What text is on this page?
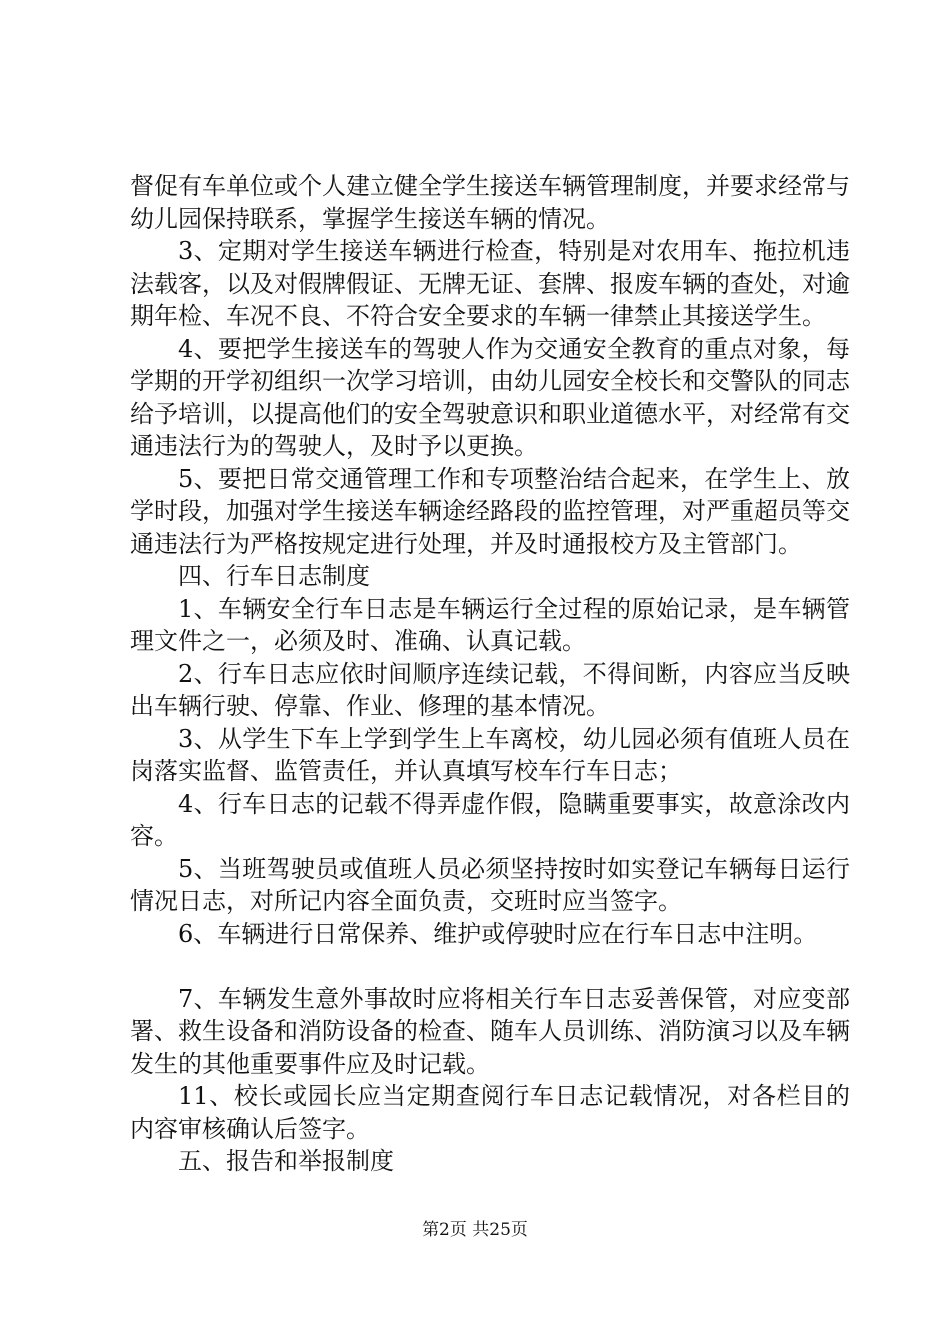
督促有车单位或个人建立健全学生接送车辆管理制度，并要求经常与幼儿园保持联系，掌握学生接送车辆的情况。

3、定期对学生接送车辆进行检查，特别是对农用车、拖拉机违法载客，以及对假牌假证、无牌无证、套牌、报废车辆的查处，对逾期年检、车况不良、不符合安全要求的车辆一律禁止其接送学生。

4、要把学生接送车的驾驶人作为交通安全教育的重点对象，每学期的开学初组织一次学习培训，由幼儿园安全校长和交警队的同志给予培训，以提高他们的安全驾驶意识和职业道德水平，对经常有交通违法行为的驾驶人，及时予以更换。

5、要把日常交通管理工作和专项整治结合起来，在学生上、放学时段，加强对学生接送车辆途经路段的监控管理，对严重超员等交通违法行为严格按规定进行处理，并及时通报校方及主管部门。

四、行车日志制度

1、车辆安全行车日志是车辆运行全过程的原始记录，是车辆管理文件之一，必须及时、准确、认真记载。

2、行车日志应依时间顺序连续记载，不得间断，内容应当反映出车辆行驶、停靠、作业、修理的基本情况。

3、从学生下车上学到学生上车离校，幼儿园必须有值班人员在岗落实监督、监管责任，并认真填写校车行车日志；

4、行车日志的记载不得弄虚作假，隐瞒重要事实，故意涂改内容。

5、当班驾驶员或值班人员必须坚持按时如实登记车辆每日运行情况日志，对所记内容全面负责，交班时应当签字。

6、车辆进行日常保养、维护或停驶时应在行车日志中注明。

7、车辆发生意外事故时应将相关行车日志妥善保管，对应变部署、救生设备和消防设备的检查、随车人员训练、消防演习以及车辆发生的其他重要事件应及时记载。

11、校长或园长应当定期查阅行车日志记载情况，对各栏目的内容审核确认后签字。

五、报告和举报制度

第2页 共25页
